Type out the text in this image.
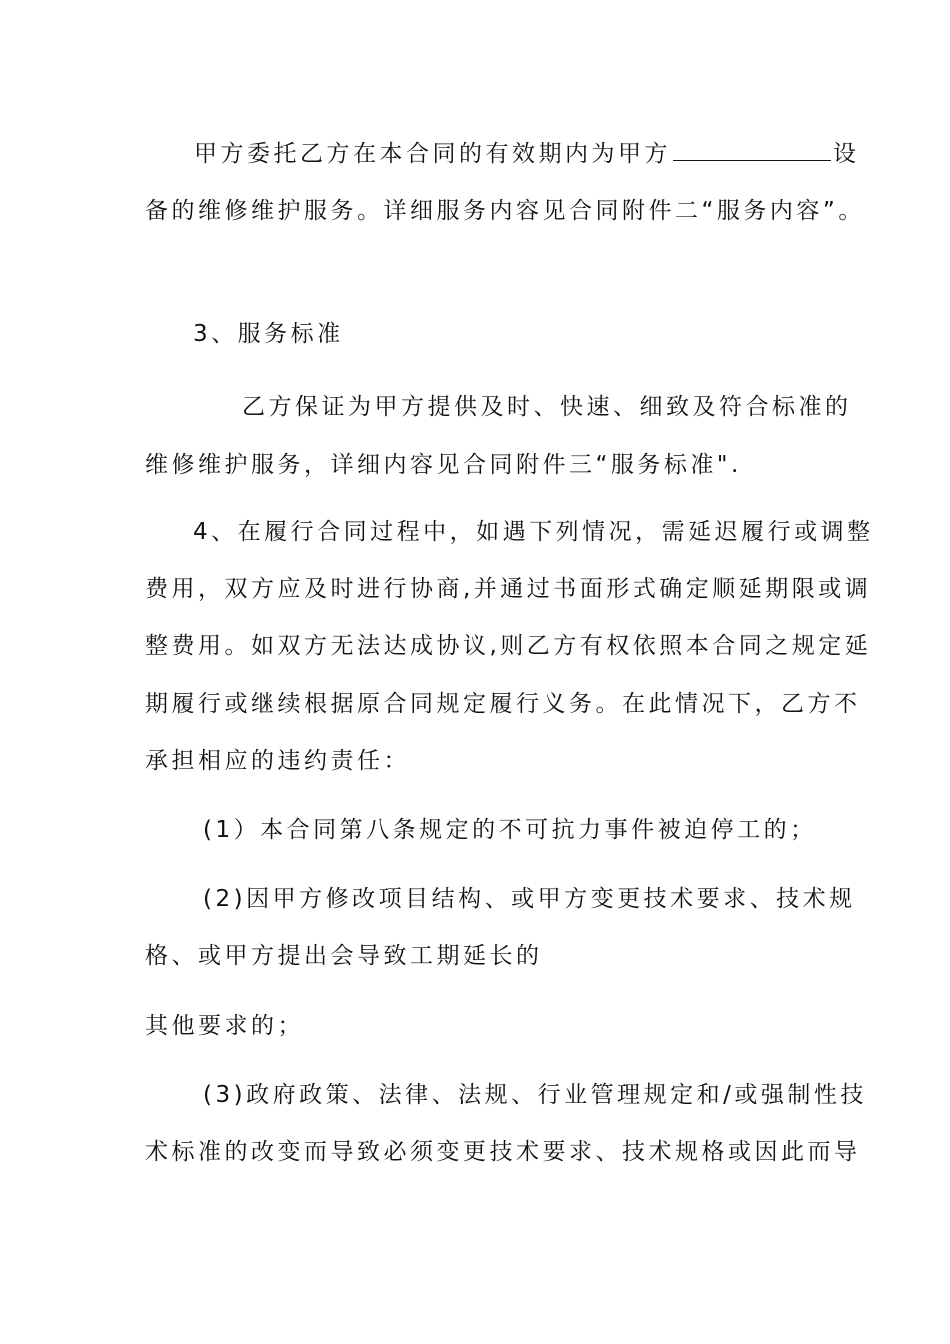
甲方委托乙方在本合同的有效期内为甲方	设
备的维修维护服务。详细服务内容见合同附件二“服务内容”。
3、服务标准
乙方保证为甲方提供及时、快速、细致及符合标准的
维修维护服务，详细内容见合同附件三“服务标准".
4、在履行合同过程中，如遇下列情况，需延迟履行或调整
费用，双方应及时进行协商,并通过书面形式确定顺延期限或调
整费用。如双方无法达成协议,则乙方有权依照本合同之规定延
期履行或继续根据原合同规定履行义务。在此情况下，乙方不
承担相应的违约责任：
(1）本合同第八条规定的不可抗力事件被迫停工的；
(2)因甲方修改项目结构、或甲方变更技术要求、技术规
格、或甲方提出会导致工期延长的
其他要求的；
(3)政府政策、法律、法规、行业管理规定和/或强制性技
术标准的改变而导致必须变更技术要求、技术规格或因此而导
